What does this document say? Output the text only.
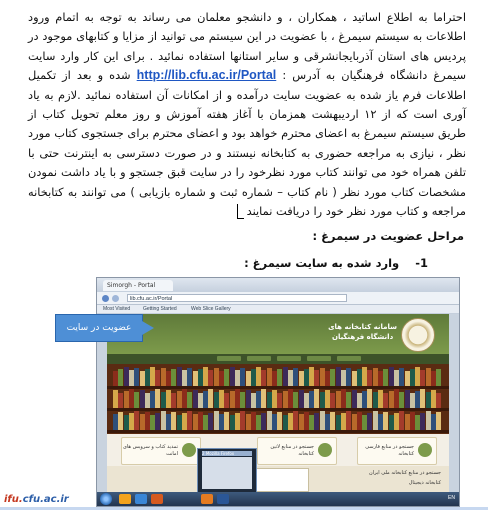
احتراما به اطلاع اساتید ، همکاران ، و دانشجو معلمان می رساند به توجه به اتمام ورود اطلاعات به سیستم سیمرغ ، با عضویت در این سیستم می توانید از مزایا و کتابهای موجود در پردیس های استان آذربایجانشرقی و سایر استانها استفاده نمائید . برای این کار وارد سایت سیمرغ دانشگاه فرهنگیان به آدرس : http://lib.cfu.ac.ir/Portal شده و بعد از تکمیل اطلاعات فرم یاز شده به عضویت سایت درآمده و از امکانات آن استفاده نمائید .لازم به یاد آوری است که از ۱۲ اردیبهشت همزمان با آغاز هفته آموزش و روز معلم تحویل کتاب از طریق سیستم سیمرغ به اعضای محترم خواهد بود و اعضای محترم برای جستجوی کتاب مورد نظر ، نیازی به مراجعه حضوری به کتابخانه نیستند و در صورت دسترسی به اینترنت حتی با تلفن همراه خود می توانند کتاب مورد نظرخود را در سایت قبق جستجو و با یاد داشت نمودن مشخصات کتاب مورد نظر ( نام کتاب – شماره ثبت و شماره بازیابی ) می توانند به کتابخانه مراجعه و کتاب مورد نظر خود را دریافت نمایند
مراحل عضویت در سیمرغ :
1- وارد شده به سایت سیمرغ :
Simorgh - Portal
lib.cfu.ac.ir/Portal
Most Visited	Getting Started	Web Slice Gallery
سامانه کتابخانه های
دانشگاه فرهنگیان
جستجو در منابع فارسی کتابخانه
جستجو در منابع لاتین کتابخانه
تمدید کتاب و سرویس های امانت
جستجو در منابع کتابخانه ملی ایران
کتابخانه دیجیتال
2 Mozilla Firefox
EN
عضویت در سایت
ifu.cfu.ac.ir
